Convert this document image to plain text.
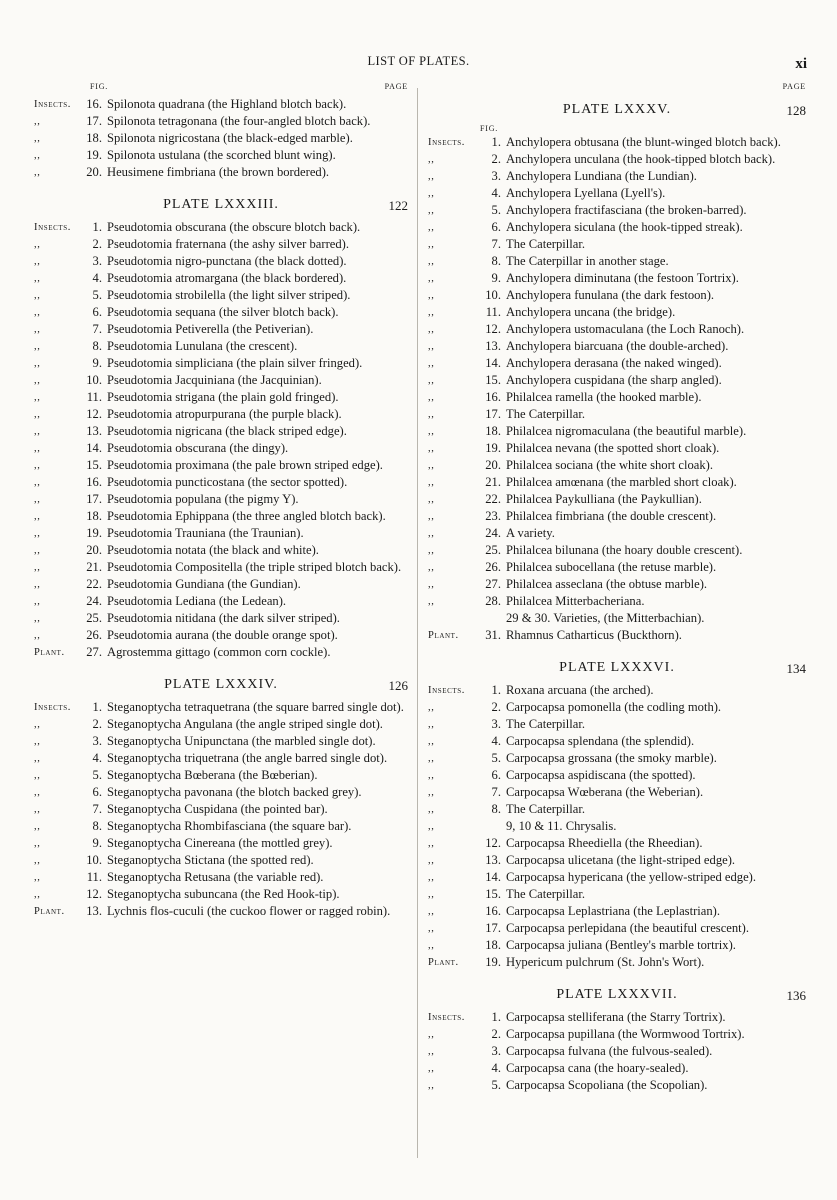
LIST OF PLATES.	xi
FIG.	PAGE
Insects.	16. Spilonota quadrana (the Highland blotch back).
,,	17. Spilonota tetragonana (the four-angled blotch back).
,,	18. Spilonota nigricostana (the black-edged marble).
,,	19. Spilonota ustulana (the scorched blunt wing).
,,	20. Heusimene fimbriana (the brown bordered).
PLATE LXXXIII.	122
Insects.	1. Pseudotomia obscurana (the obscure blotch back).
,,	2. Pseudotomia fraternana (the ashy silver barred).
,,	3. Pseudotomia nigro-punctana (the black dotted).
,,	4. Pseudotomia atromargana (the black bordered).
,,	5. Pseudotomia strobilella (the light silver striped).
,,	6. Pseudotomia sequana (the silver blotch back).
,,	7. Pseudotomia Petiverella (the Petiverian).
,,	8. Pseudotomia Lunulana (the crescent).
,,	9. Pseudotomia simpliciana (the plain silver fringed).
,,	10. Pseudotomia Jacquiniana (the Jacquinian).
,,	11. Pseudotomia strigana (the plain gold fringed).
,,	12. Pseudotomia atropurpurana (the purple black).
,,	13. Pseudotomia nigricana (the black striped edge).
,,	14. Pseudotomia obscurana (the dingy).
,,	15. Pseudotomia proximana (the pale brown striped edge).
,,	16. Pseudotomia puncticostana (the sector spotted).
,,	17. Pseudotomia populana (the pigmy Y).
,,	18. Pseudotomia Ephippana (the three angled blotch back).
,,	19. Pseudotomia Trauniana (the Traunian).
,,	20. Pseudotomia notata (the black and white).
,,	21. Pseudotomia Compositella (the triple striped blotch back).
,,	22. Pseudotomia Gundiana (the Gundian).
,,	24. Pseudotomia Lediana (the Ledean).
,,	25. Pseudotomia nitidana (the dark silver striped).
,,	26. Pseudotomia aurana (the double orange spot).
Plant.	27. Agrostemma gittago (common corn cockle).
PLATE LXXXIV.	126
Insects.	1. Steganoptycha tetraquetrana (the square barred single dot).
,,	2. Steganoptycha Angulana (the angle striped single dot).
,,	3. Steganoptycha Unipunctana (the marbled single dot).
,,	4. Steganoptycha triquetrana (the angle barred single dot).
,,	5. Steganoptycha Bœberana (the Bœberian).
,,	6. Steganoptycha pavonana (the blotch backed grey).
,,	7. Steganoptycha Cuspidana (the pointed bar).
,,	8. Steganoptycha Rhombifasciana (the square bar).
,,	9. Steganoptycha Cinereana (the mottled grey).
,,	10. Steganoptycha Stictana (the spotted red).
,,	11. Steganoptycha Retusana (the variable red).
,,	12. Steganoptycha subuncana (the Red Hook-tip).
Plant.	13. Lychnis flos-cuculi (the cuckoo flower or ragged robin).
PAGE
PLATE LXXXV.	128
FIG.
Insects.	1. Anchylopera obtusana (the blunt-winged blotch back).
,,	2. Anchylopera unculana (the hook-tipped blotch back).
,,	3. Anchylopera Lundiana (the Lundian).
,,	4. Anchylopera Lyellana (Lyell's).
,,	5. Anchylopera fractifasciana (the broken-barred).
,,	6. Anchylopera siculana (the hook-tipped streak).
,,	7. The Caterpillar.
,,	8. The Caterpillar in another stage.
,,	9. Anchylopera diminutana (the festoon Tortrix).
,,	10. Anchylopera funulana (the dark festoon).
,,	11. Anchylopera uncana (the bridge).
,,	12. Anchylopera ustomaculana (the Loch Ranoch).
,,	13. Anchylopera biarcuana (the double-arched).
,,	14. Anchylopera derasana (the naked winged).
,,	15. Anchylopera cuspidana (the sharp angled).
,,	16. Philalcea ramella (the hooked marble).
,,	17. The Caterpillar.
,,	18. Philalcea nigromaculana (the beautiful marble).
,,	19. Philalcea nevana (the spotted short cloak).
,,	20. Philalcea sociana (the white short cloak).
,,	21. Philalcea amœnana (the marbled short cloak).
,,	22. Philalcea Paykulliana (the Paykullian).
,,	23. Philalcea fimbriana (the double crescent).
,,	24. A variety.
,,	25. Philalcea bilunana (the hoary double crescent).
,,	26. Philalcea subocellana (the retuse marble).
,,	27. Philalcea asseclana (the obtuse marble).
,,	28. Philalcea Mitterbacheriana.
29 & 30. Varieties, (the Mitterbachian).
Plant.	31. Rhamnus Catharticus (Buckthorn).
PLATE LXXXVI.	134
Insects.	1. Roxana arcuana (the arched).
,,	2. Carpocapsa pomonella (the codling moth).
,,	3. The Caterpillar.
,,	4. Carpocapsa splendana (the splendid).
,,	5. Carpocapsa grossana (the smoky marble).
,,	6. Carpocapsa aspidiscana (the spotted).
,,	7. Carpocapsa Wœberana (the Weberian).
,,	8. The Caterpillar.
,,	9, 10 & 11. Chrysalis.
,,	12. Carpocapsa Rheediella (the Rheedian).
,,	13. Carpocapsa ulicetana (the light-striped edge).
,,	14. Carpocapsa hypericana (the yellow-striped edge).
,,	15. The Caterpillar.
,,	16. Carpocapsa Leplastriana (the Leplastrian).
,,	17. Carpocapsa perlepidana (the beautiful crescent).
,,	18. Carpocapsa juliana (Bentley's marble tortrix).
Plant.	19. Hypericum pulchrum (St. John's Wort).
PLATE LXXXVII.	136
Insects.	1. Carpocapsa stelliferana (the Starry Tortrix).
,,	2. Carpocapsa pupillana (the Wormwood Tortrix).
,,	3. Carpocapsa fulvana (the fulvous-sealed).
,,	4. Carpocapsa cana (the hoary-sealed).
,,	5. Carpocapsa Scopoliana (the Scopolian).
